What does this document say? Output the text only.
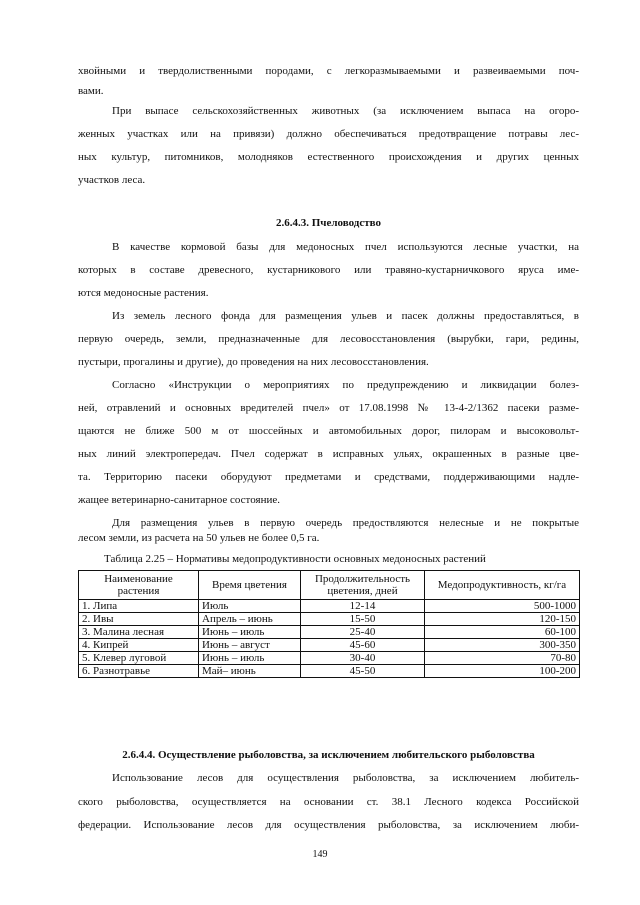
хвойными и твердолиственными породами, с легкоразмываемыми и развеиваемыми поч-
вами.
При выпасе сельскохозяйственных животных (за исключением выпаса на огоро-
женных участках или на привязи) должно обеспечиваться предотвращение потравы лес-
ных культур, питомников, молодняков естественного происхождения и других ценных
участков леса.
2.6.4.3. Пчеловодство
В качестве кормовой базы для медоносных пчел используются лесные участки, на
которых в составе древесного, кустарникового или травяно-кустарничкового яруса име-
ются медоносные растения.
Из земель лесного фонда для размещения ульев и пасек должны предоставляться, в
первую очередь, земли, предназначенные для лесовосстановления (вырубки, гари, редины,
пустыри, прогалины и другие), до проведения на них лесовосстановления.
Согласно «Инструкции о мероприятиях по предупреждению и ликвидации болез-
ней, отравлений и основных вредителей пчел» от 17.08.1998 № 13-4-2/1362 пасеки разме-
щаются не ближе 500 м от шоссейных и автомобильных дорог, пилорам и высоковольт-
ных линий электропередач. Пчел содержат в исправных ульях, окрашенных в разные цве-
та. Территорию пасеки оборудуют предметами и средствами, поддерживающими надле-
жащее ветеринарно-санитарное состояние.
Для размещения ульев в первую очередь предоствляются нелесные и не покрытые
лесом земли, из расчета на 50 ульев не более 0,5 га.
Таблица 2.25 – Нормативы медопродуктивности основных медоносных растений
Наименование растения	Время цветения	Продолжительность цветения, дней	Медопродуктивность, кг/га
1. Липа	Июль	12-14	500-1000
2. Ивы	Апрель – июнь	15-50	120-150
3. Малина лесная	Июнь – июль	25-40	60-100
4. Кипрей	Июнь – август	45-60	300-350
5. Клевер луговой	Июнь – июль	30-40	70-80
6. Разнотравье	Май– июнь	45-50	100-200
2.6.4.4. Осуществление рыболовства, за исключением любительского рыболовства
Использование лесов для осуществления рыболовства, за исключением любитель-
ского рыболовства, осуществляется на основании ст. 38.1 Лесного кодекса Российской
федерации. Использование лесов для осуществления рыболовства, за исключением люби-
149
